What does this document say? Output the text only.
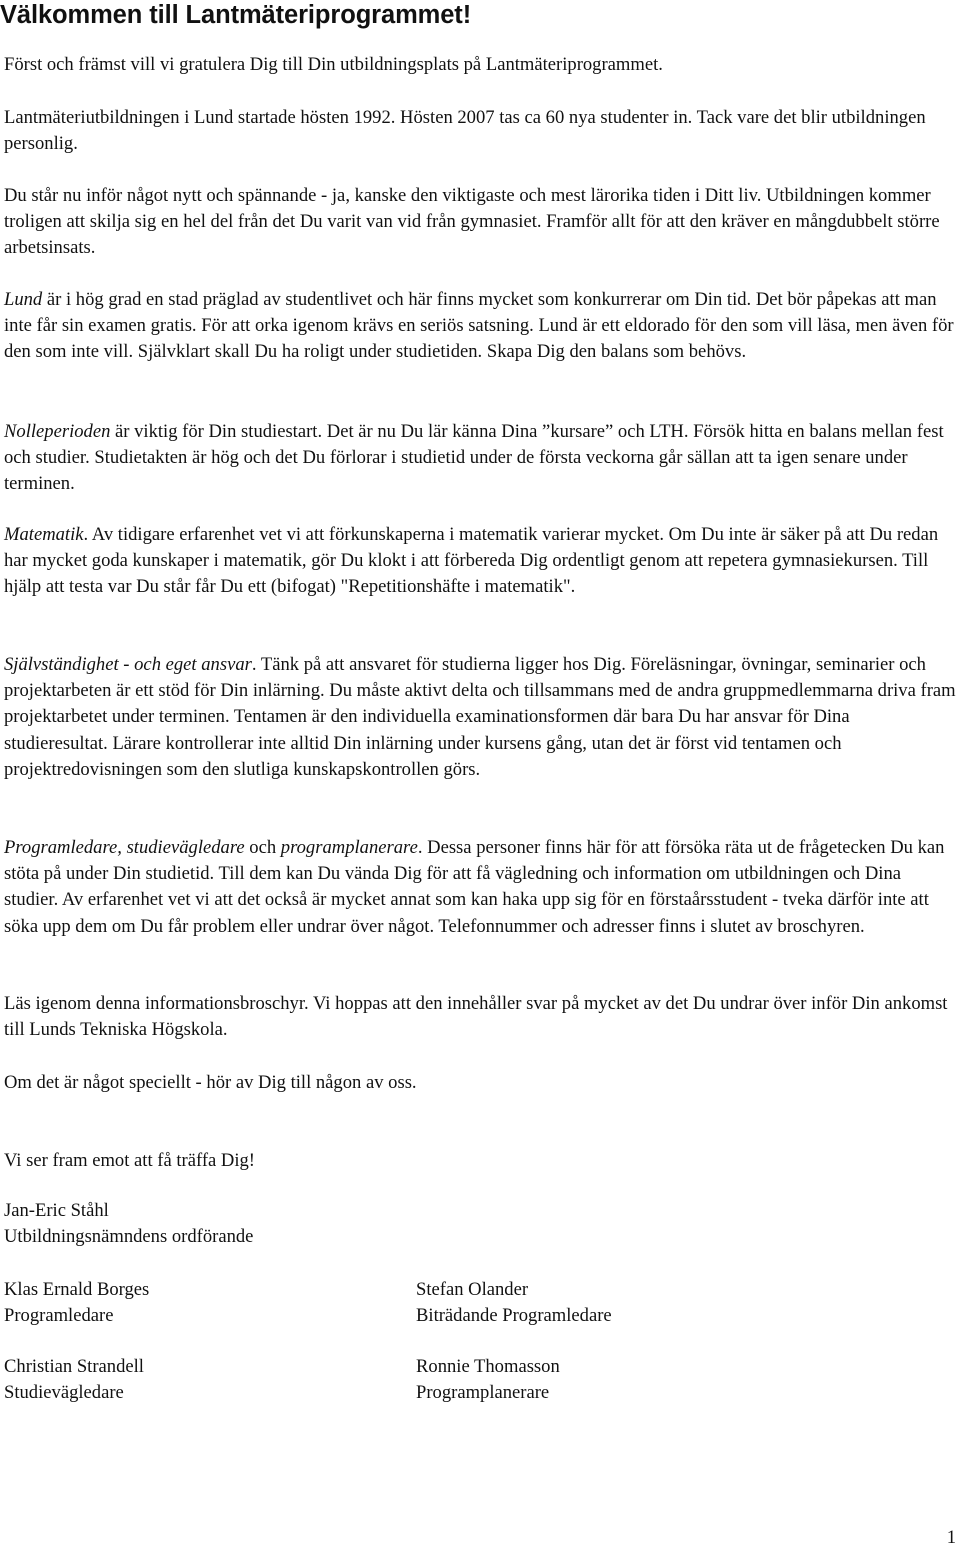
Välkommen till Lantmäteriprogrammet!

Först och främst vill vi gratulera Dig till Din utbildningsplats på Lantmäteriprogrammet.

Lantmäteriutbildningen i Lund startade hösten 1992. Hösten 2007 tas ca 60 nya studenter in. Tack vare det blir utbildningen personlig.

Du står nu inför något nytt och spännande - ja, kanske den viktigaste och mest lärorika tiden i Ditt liv. Utbildningen kommer troligen att skilja sig en hel del från det Du varit van vid från gymnasiet. Framför allt för att den kräver en mångdubbelt större arbetsinsats.

Lund är i hög grad en stad präglad av studentlivet och här finns mycket som konkurrerar om Din tid. Det bör påpekas att man inte får sin examen gratis. För att orka igenom krävs en seriös satsning. Lund är ett eldorado för den som vill läsa, men även för den som inte vill. Självklart skall Du ha roligt under studietiden. Skapa Dig den balans som behövs.

Nolleperioden är viktig för Din studiestart. Det är nu Du lär känna Dina ”kursare” och LTH. Försök hitta en balans mellan fest och studier. Studietakten är hög och det Du förlorar i studietid under de första veckorna går sällan att ta igen senare under terminen.

Matematik. Av tidigare erfarenhet vet vi att förkunskaperna i matematik varierar mycket. Om Du inte är säker på att Du redan har mycket goda kunskaper i matematik, gör Du klokt i att förbereda Dig ordentligt genom att repetera gymnasiekursen. Till hjälp att testa var Du står får Du ett (bifogat) "Repetitionshäfte i matematik".

Självständighet - och eget ansvar. Tänk på att ansvaret för studierna ligger hos Dig. Föreläsningar, övningar, seminarier och projektarbeten är ett stöd för Din inlärning. Du måste aktivt delta och tillsammans med de andra gruppmedlemmarna driva fram projektarbetet under terminen. Tentamen är den individuella examinationsformen där bara Du har ansvar för Dina studieresultat. Lärare kontrollerar inte alltid Din inlärning under kursens gång, utan det är först vid tentamen och projektredovisningen som den slutliga kunskapskontrollen görs.

Programledare, studievägledare och programplanerare. Dessa personer finns här för att försöka räta ut de frågetecken Du kan stöta på under Din studietid. Till dem kan Du vända Dig för att få vägledning och information om utbildningen och Dina studier. Av erfarenhet vet vi att det också är mycket annat som kan haka upp sig för en förstaårsstudent - tveka därför inte att söka upp dem om Du får problem eller undrar över något. Telefonnummer och adresser finns i slutet av broschyren.

Läs igenom denna informationsbroschyr. Vi hoppas att den innehåller svar på mycket av det Du undrar över inför Din ankomst till Lunds Tekniska Högskola.

Om det är något speciellt - hör av Dig till någon av oss.

Vi ser fram emot att få träffa Dig!

Jan-Eric Ståhl
Utbildningsnämndens ordförande
Klas Ernald Borges
Programledare
Stefan Olander
Biträdande Programledare
Christian Strandell
Studievägledare
Ronnie Thomasson
Programplanerare
1
